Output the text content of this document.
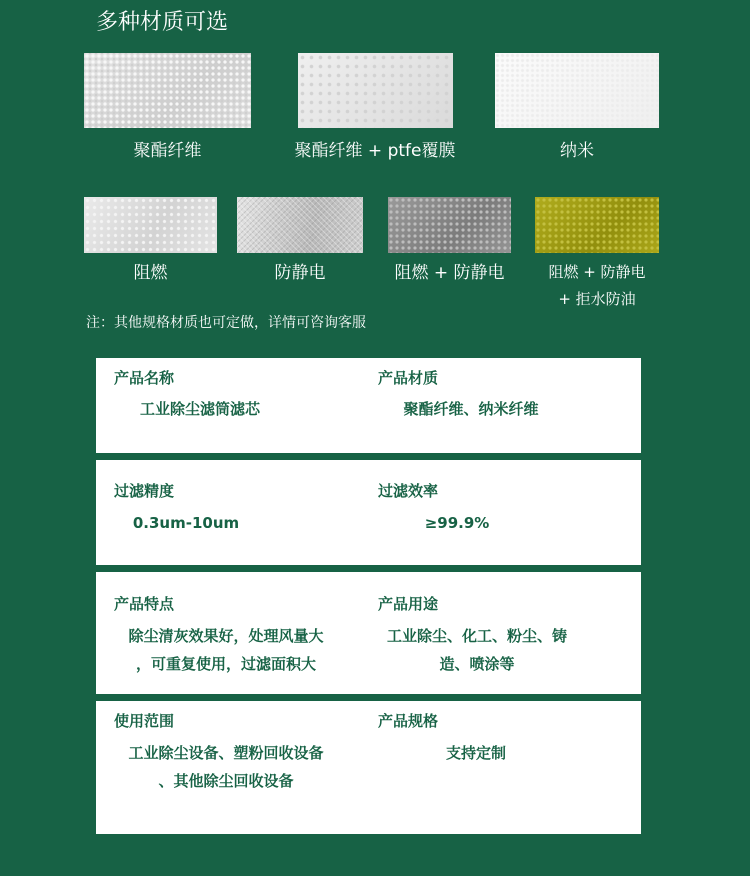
多种材质可选
聚酯纤维	聚酯纤维 + ptfe覆膜	纳米
阻燃	防静电	阻燃 + 防静电	阻燃 + 防静电
+ 拒水防油
注：其他规格材质也可定做，详情可咨询客服
产品名称
工业除尘滤筒滤芯
产品材质
聚酯纤维、纳米纤维
过滤精度
0.3um-10um
过滤效率
≥99.9%
产品特点
除尘清灰效果好，处理风量大
，可重复使用，过滤面积大
产品用途
工业除尘、化工、粉尘、铸
造、喷涂等
使用范围
工业除尘设备、塑粉回收设备
、其他除尘回收设备
产品规格
支持定制
